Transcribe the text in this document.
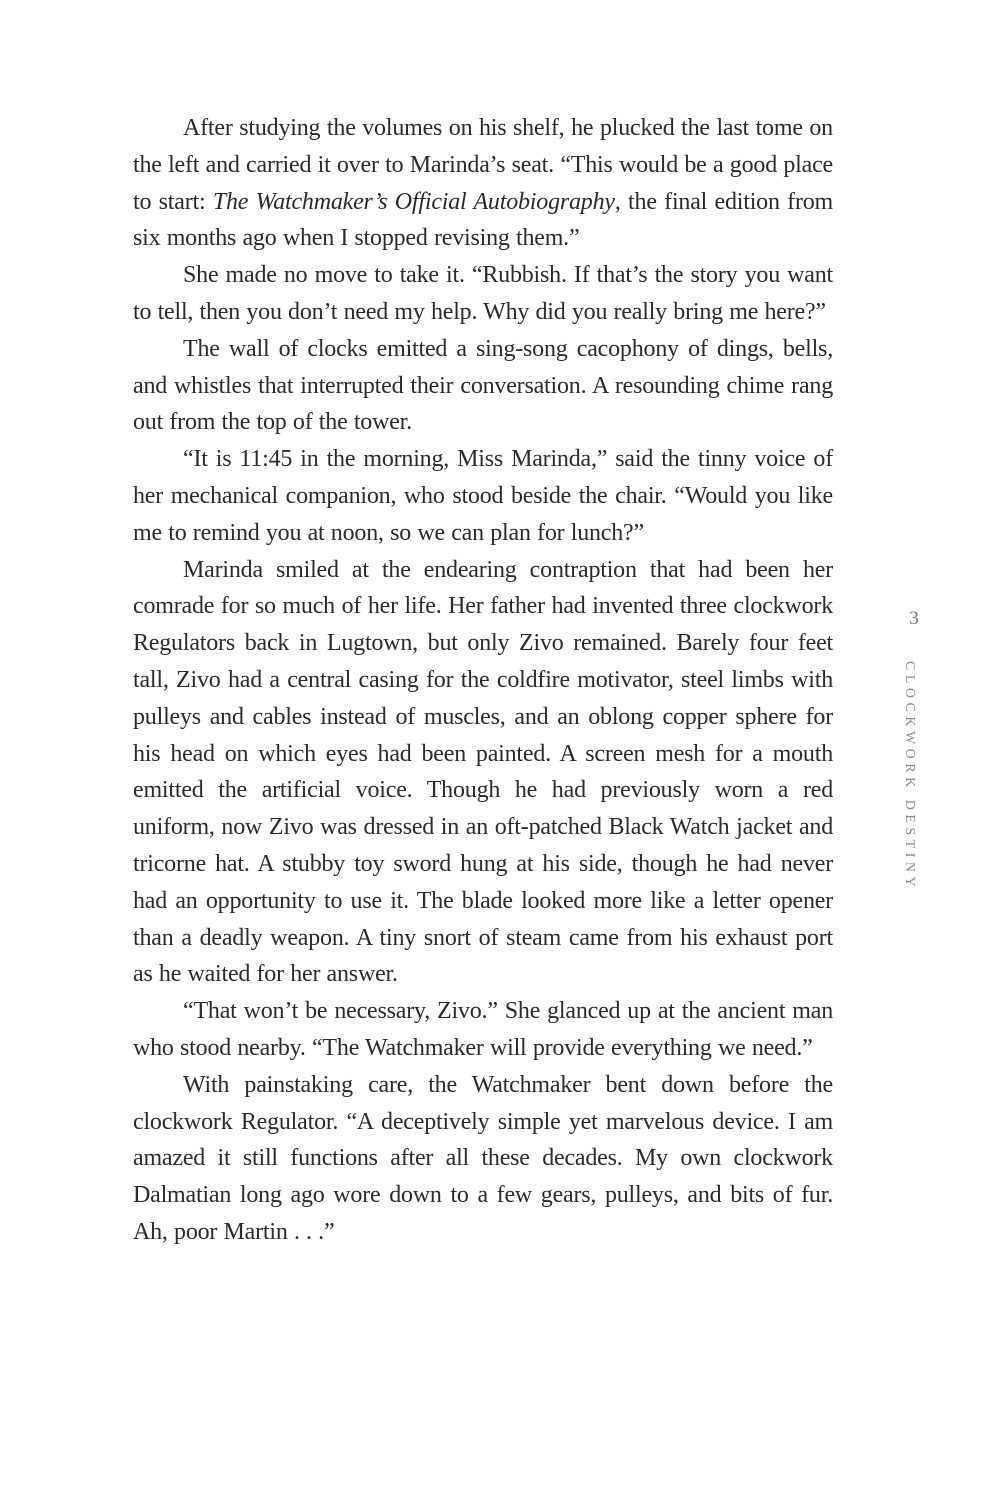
After studying the volumes on his shelf, he plucked the last tome on the left and carried it over to Marinda’s seat. “This would be a good place to start: The Watchmaker’s Official Autobiography, the final edition from six months ago when I stopped revising them.”

She made no move to take it. “Rubbish. If that’s the story you want to tell, then you don’t need my help. Why did you really bring me here?”

The wall of clocks emitted a sing-song cacophony of dings, bells, and whistles that interrupted their conversation. A resounding chime rang out from the top of the tower.

“It is 11:45 in the morning, Miss Marinda,” said the tinny voice of her mechanical companion, who stood beside the chair. “Would you like me to remind you at noon, so we can plan for lunch?”

Marinda smiled at the endearing contraption that had been her comrade for so much of her life. Her father had invented three clockwork Regulators back in Lugtown, but only Zivo remained. Barely four feet tall, Zivo had a central casing for the coldfire motivator, steel limbs with pulleys and cables instead of muscles, and an oblong copper sphere for his head on which eyes had been painted. A screen mesh for a mouth emitted the artificial voice. Though he had previously worn a red uniform, now Zivo was dressed in an oft-patched Black Watch jacket and tricorne hat. A stubby toy sword hung at his side, though he had never had an opportunity to use it. The blade looked more like a letter opener than a deadly weapon. A tiny snort of steam came from his exhaust port as he waited for her answer.

“That won’t be necessary, Zivo.” She glanced up at the ancient man who stood nearby. “The Watchmaker will provide everything we need.”

With painstaking care, the Watchmaker bent down before the clockwork Regulator. “A deceptively simple yet marvelous device. I am amazed it still functions after all these decades. My own clockwork Dalmatian long ago wore down to a few gears, pulleys, and bits of fur. Ah, poor Martin . . .”

3
CLOCKWORK DESTINY
